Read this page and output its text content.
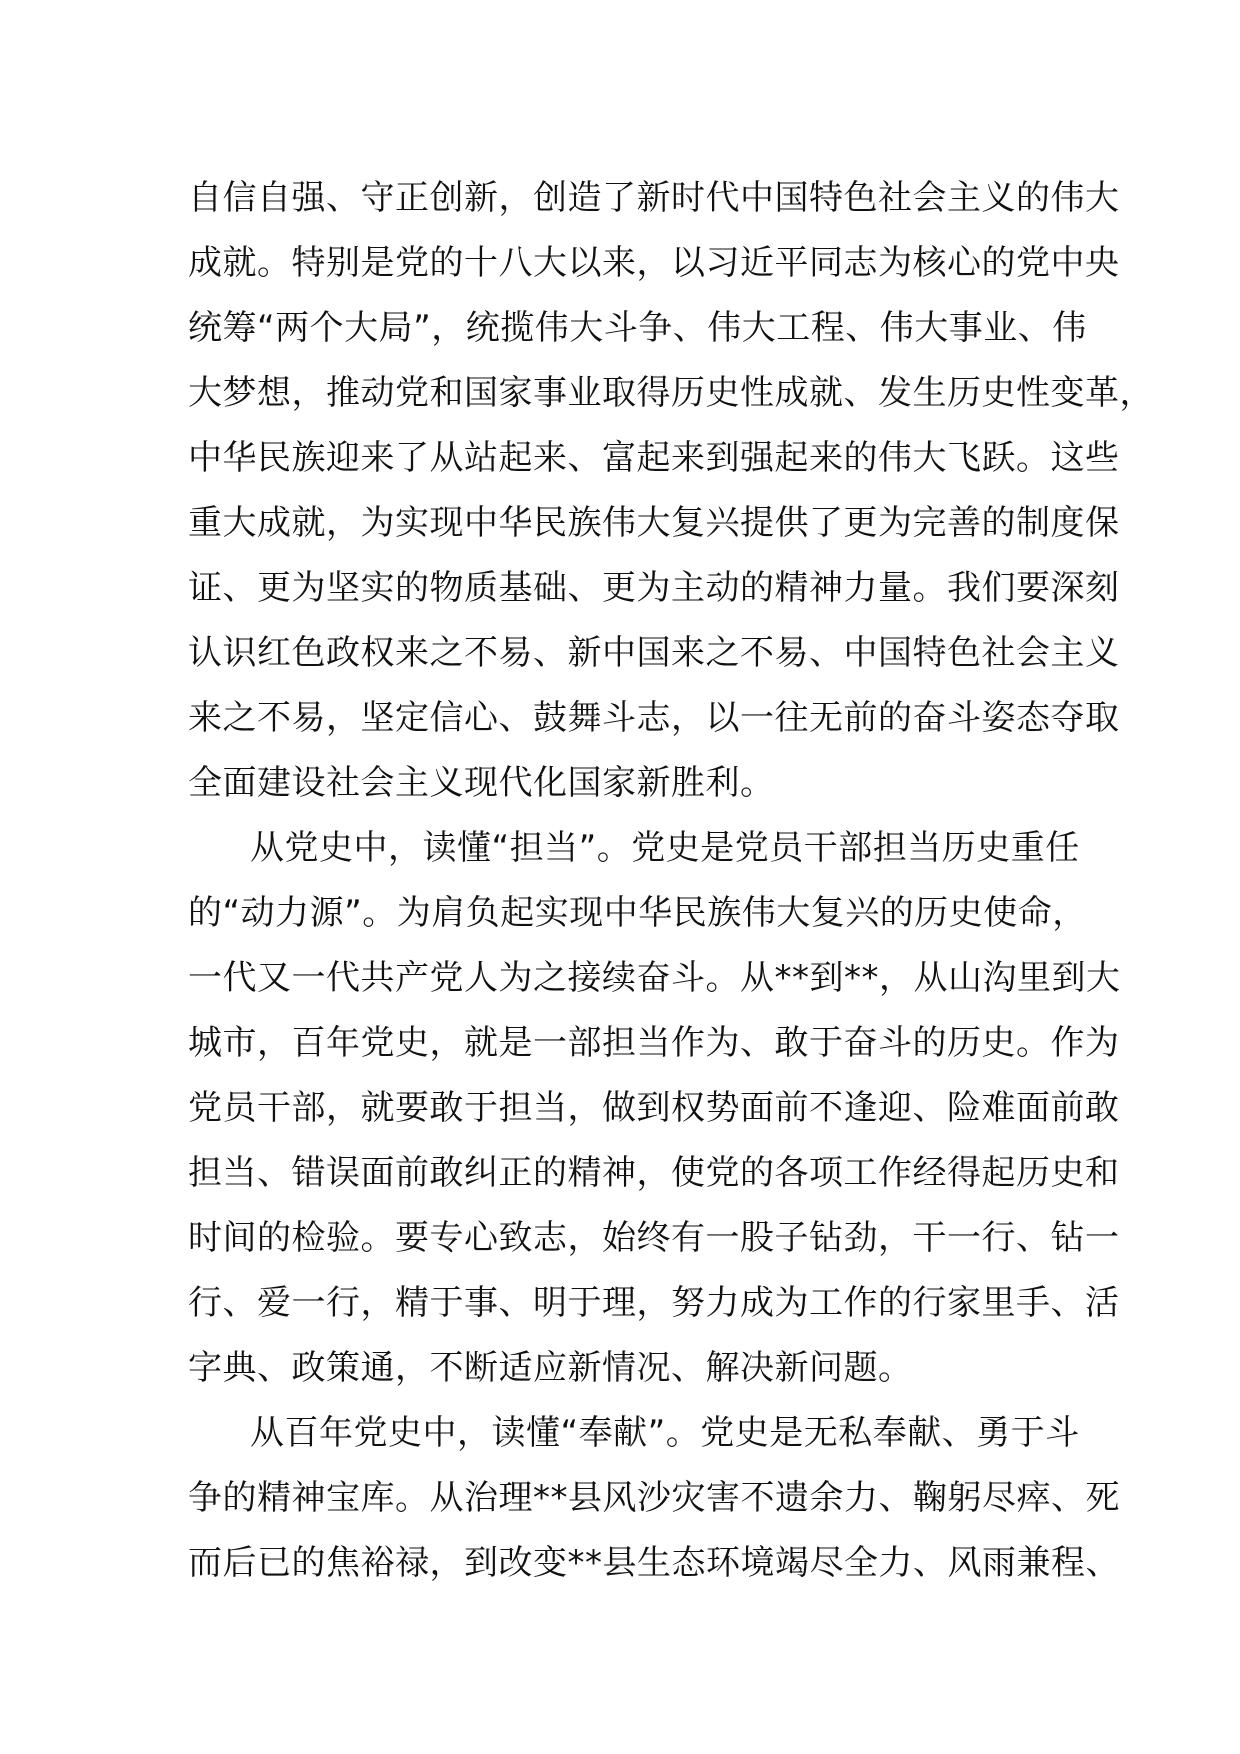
自信自强、守正创新，创造了新时代中国特色社会主义的伟大
成就。特别是党的十八大以来，以习近平同志为核心的党中央
统筹“两个大局”，统揽伟大斗争、伟大工程、伟大事业、伟
大梦想，推动党和国家事业取得历史性成就、发生历史性变革，
中华民族迎来了从站起来、富起来到强起来的伟大飞跃。这些
重大成就，为实现中华民族伟大复兴提供了更为完善的制度保
证、更为坚实的物质基础、更为主动的精神力量。我们要深刻
认识红色政权来之不易、新中国来之不易、中国特色社会主义
来之不易，坚定信心、鼓舞斗志，以一往无前的奋斗姿态夺取
全面建设社会主义现代化国家新胜利。
从党史中，读懂“担当”。党史是党员干部担当历史重任
的“动力源”。为肩负起实现中华民族伟大复兴的历史使命，
一代又一代共产党人为之接续奋斗。从**到**，从山沟里到大
城市，百年党史，就是一部担当作为、敢于奋斗的历史。作为
党员干部，就要敢于担当，做到权势面前不逢迎、险难面前敢
担当、错误面前敢纠正的精神，使党的各项工作经得起历史和
时间的检验。要专心致志，始终有一股子钻劲，干一行、钻一
行、爱一行，精于事、明于理，努力成为工作的行家里手、活
字典、政策通，不断适应新情况、解决新问题。
从百年党史中，读懂“奉献”。党史是无私奉献、勇于斗
争的精神宝库。从治理**县风沙灾害不遗余力、鞠躬尽瘁、死
而后已的焦裕禄，到改变**县生态环境竭尽全力、风雨兼程、
